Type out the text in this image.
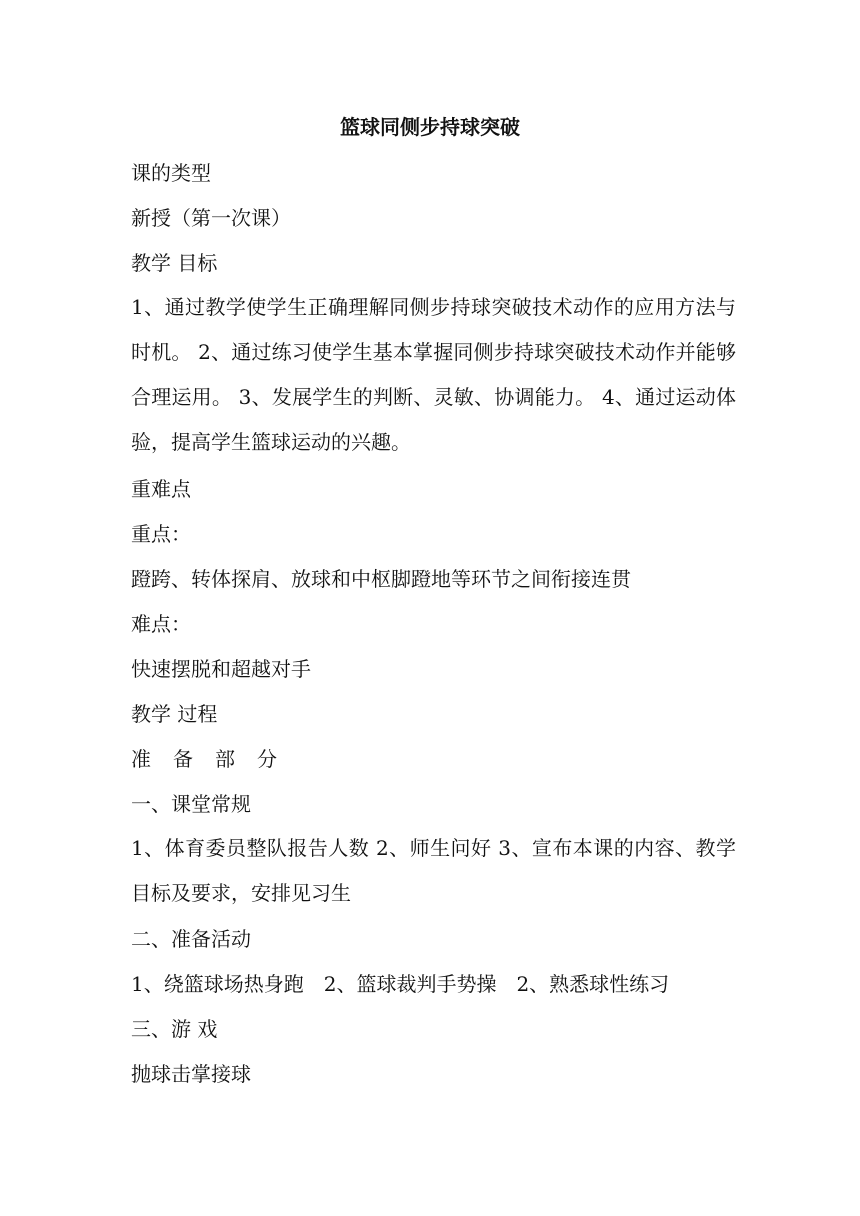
篮球同侧步持球突破
课的类型
新授（第一次课）
教学 目标
1、通过教学使学生正确理解同侧步持球突破技术动作的应用方法与时机。 2、通过练习使学生基本掌握同侧步持球突破技术动作并能够合理运用。 3、发展学生的判断、灵敏、协调能力。 4、通过运动体验，提高学生篮球运动的兴趣。
重难点
重点：
蹬跨、转体探肩、放球和中枢脚蹬地等环节之间衔接连贯
难点：
快速摆脱和超越对手
教学 过程
准备部分
一、课堂常规
1、体育委员整队报告人数 2、师生问好 3、宣布本课的内容、教学目标及要求，安排见习生
二、准备活动
1、绕篮球场热身跑　2、篮球裁判手势操　2、熟悉球性练习
三、游 戏
抛球击掌接球
